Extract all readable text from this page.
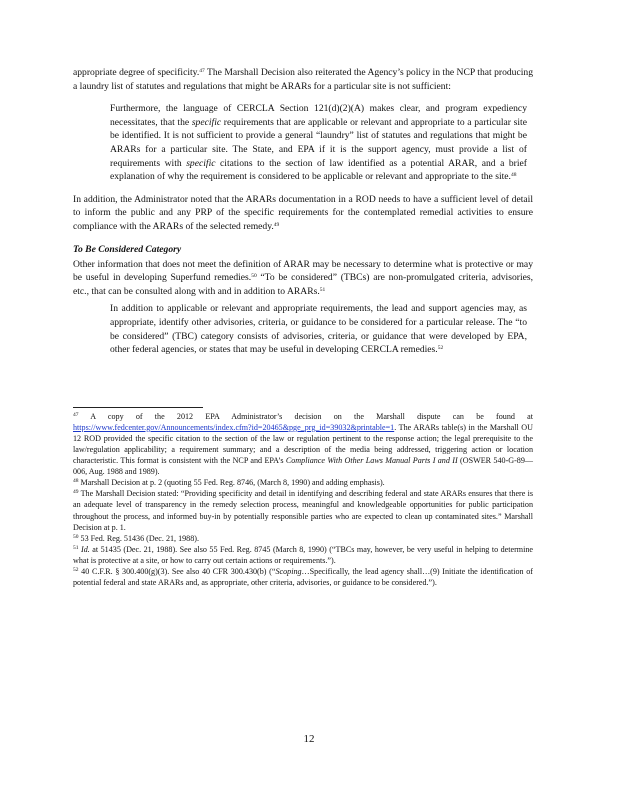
appropriate degree of specificity.$^{47}$ The Marshall Decision also reiterated the Agency’s policy in the NCP that producing a laundry list of statutes and regulations that might be ARARs for a particular site is not sufficient:

Furthermore, the language of CERCLA Section 121(d)(2)(A) makes clear, and program expediency necessitates, that the specific requirements that are applicable or relevant and appropriate to a particular site be identified. It is not sufficient to provide a general “laundry” list of statutes and regulations that might be ARARs for a particular site. The State, and EPA if it is the support agency, must provide a list of requirements with specific citations to the section of law identified as a potential ARAR, and a brief explanation of why the requirement is considered to be applicable or relevant and appropriate to the site.$^{48}$

In addition, the Administrator noted that the ARARs documentation in a ROD needs to have a sufficient level of detail to inform the public and any PRP of the specific requirements for the contemplated remedial activities to ensure compliance with the ARARs of the selected remedy.$^{49}$

To Be Considered Category

Other information that does not meet the definition of ARAR may be necessary to determine what is protective or may be useful in developing Superfund remedies.$^{50}$ “To be considered” (TBCs) are non-promulgated criteria, advisories, etc., that can be consulted along with and in addition to ARARs.$^{51}$

In addition to applicable or relevant and appropriate requirements, the lead and support agencies may, as appropriate, identify other advisories, criteria, or guidance to be considered for a particular release. The “to be considered” (TBC) category consists of advisories, criteria, or guidance that were developed by EPA, other federal agencies, or states that may be useful in developing CERCLA remedies.$^{52}$

$^{47}$ A copy of the 2012 EPA Administrator’s decision on the Marshall dispute can be found at https://www.fedcenter.gov/Announcements/index.cfm?id=20465&pge_prg_id=39032&printable=1. The ARARs table(s) in the Marshall OU 12 ROD provided the specific citation to the section of the law or regulation pertinent to the response action; the legal prerequisite to the law/regulation applicability; a requirement summary; and a description of the media being addressed, triggering action or location characteristic. This format is consistent with the NCP and EPA’s Compliance With Other Laws Manual Parts I and II (OSWER 540-G-89—006, Aug. 1988 and 1989).

$^{48}$ Marshall Decision at p. 2 (quoting 55 Fed. Reg. 8746, (March 8, 1990) and adding emphasis).

$^{49}$ The Marshall Decision stated: “Providing specificity and detail in identifying and describing federal and state ARARs ensures that there is an adequate level of transparency in the remedy selection process, meaningful and knowledgeable opportunities for public participation throughout the process, and informed buy-in by potentially responsible parties who are expected to clean up contaminated sites.” Marshall Decision at p. 1.

$^{50}$ 53 Fed. Reg. 51436 (Dec. 21, 1988).

$^{51}$ Id. at 51435 (Dec. 21, 1988). See also 55 Fed. Reg. 8745 (March 8, 1990) (“TBCs may, however, be very useful in helping to determine what is protective at a site, or how to carry out certain actions or requirements.”).

$^{52}$ 40 C.F.R. § 300.400(g)(3). See also 40 CFR 300.430(b) (“Scoping…Specifically, the lead agency shall…(9) Initiate the identification of potential federal and state ARARs and, as appropriate, other criteria, advisories, or guidance to be considered.”).

12
